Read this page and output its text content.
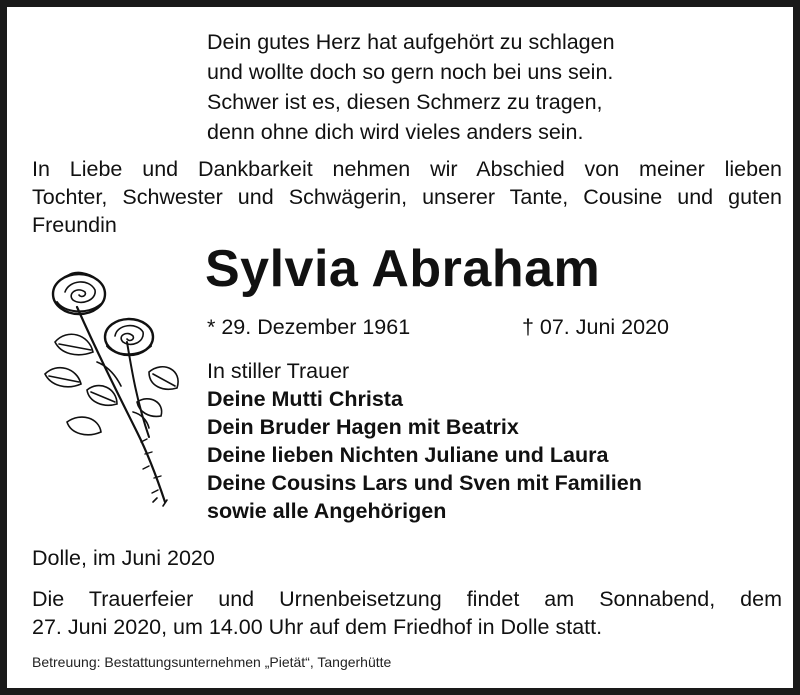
Dein gutes Herz hat aufgehört zu schlagen
und wollte doch so gern noch bei uns sein.
Schwer ist es, diesen Schmerz zu tragen,
denn ohne dich wird vieles anders sein.
In Liebe und Dankbarkeit nehmen wir Abschied von meiner lieben
Tochter, Schwester und Schwägerin, unserer Tante, Cousine und guten
Freundin
Sylvia Abraham
* 29. Dezember 1961	† 07. Juni 2020
In stiller Trauer
Deine Mutti Christa
Dein Bruder Hagen mit Beatrix
Deine lieben Nichten Juliane und Laura
Deine Cousins Lars und Sven mit Familien
sowie alle Angehörigen
Dolle, im Juni 2020
Die Trauerfeier und Urnenbeisetzung findet am Sonnabend, dem
27. Juni 2020, um 14.00 Uhr auf dem Friedhof in Dolle statt.
Betreuung: Bestattungsunternehmen „Pietät“, Tangerhütte
